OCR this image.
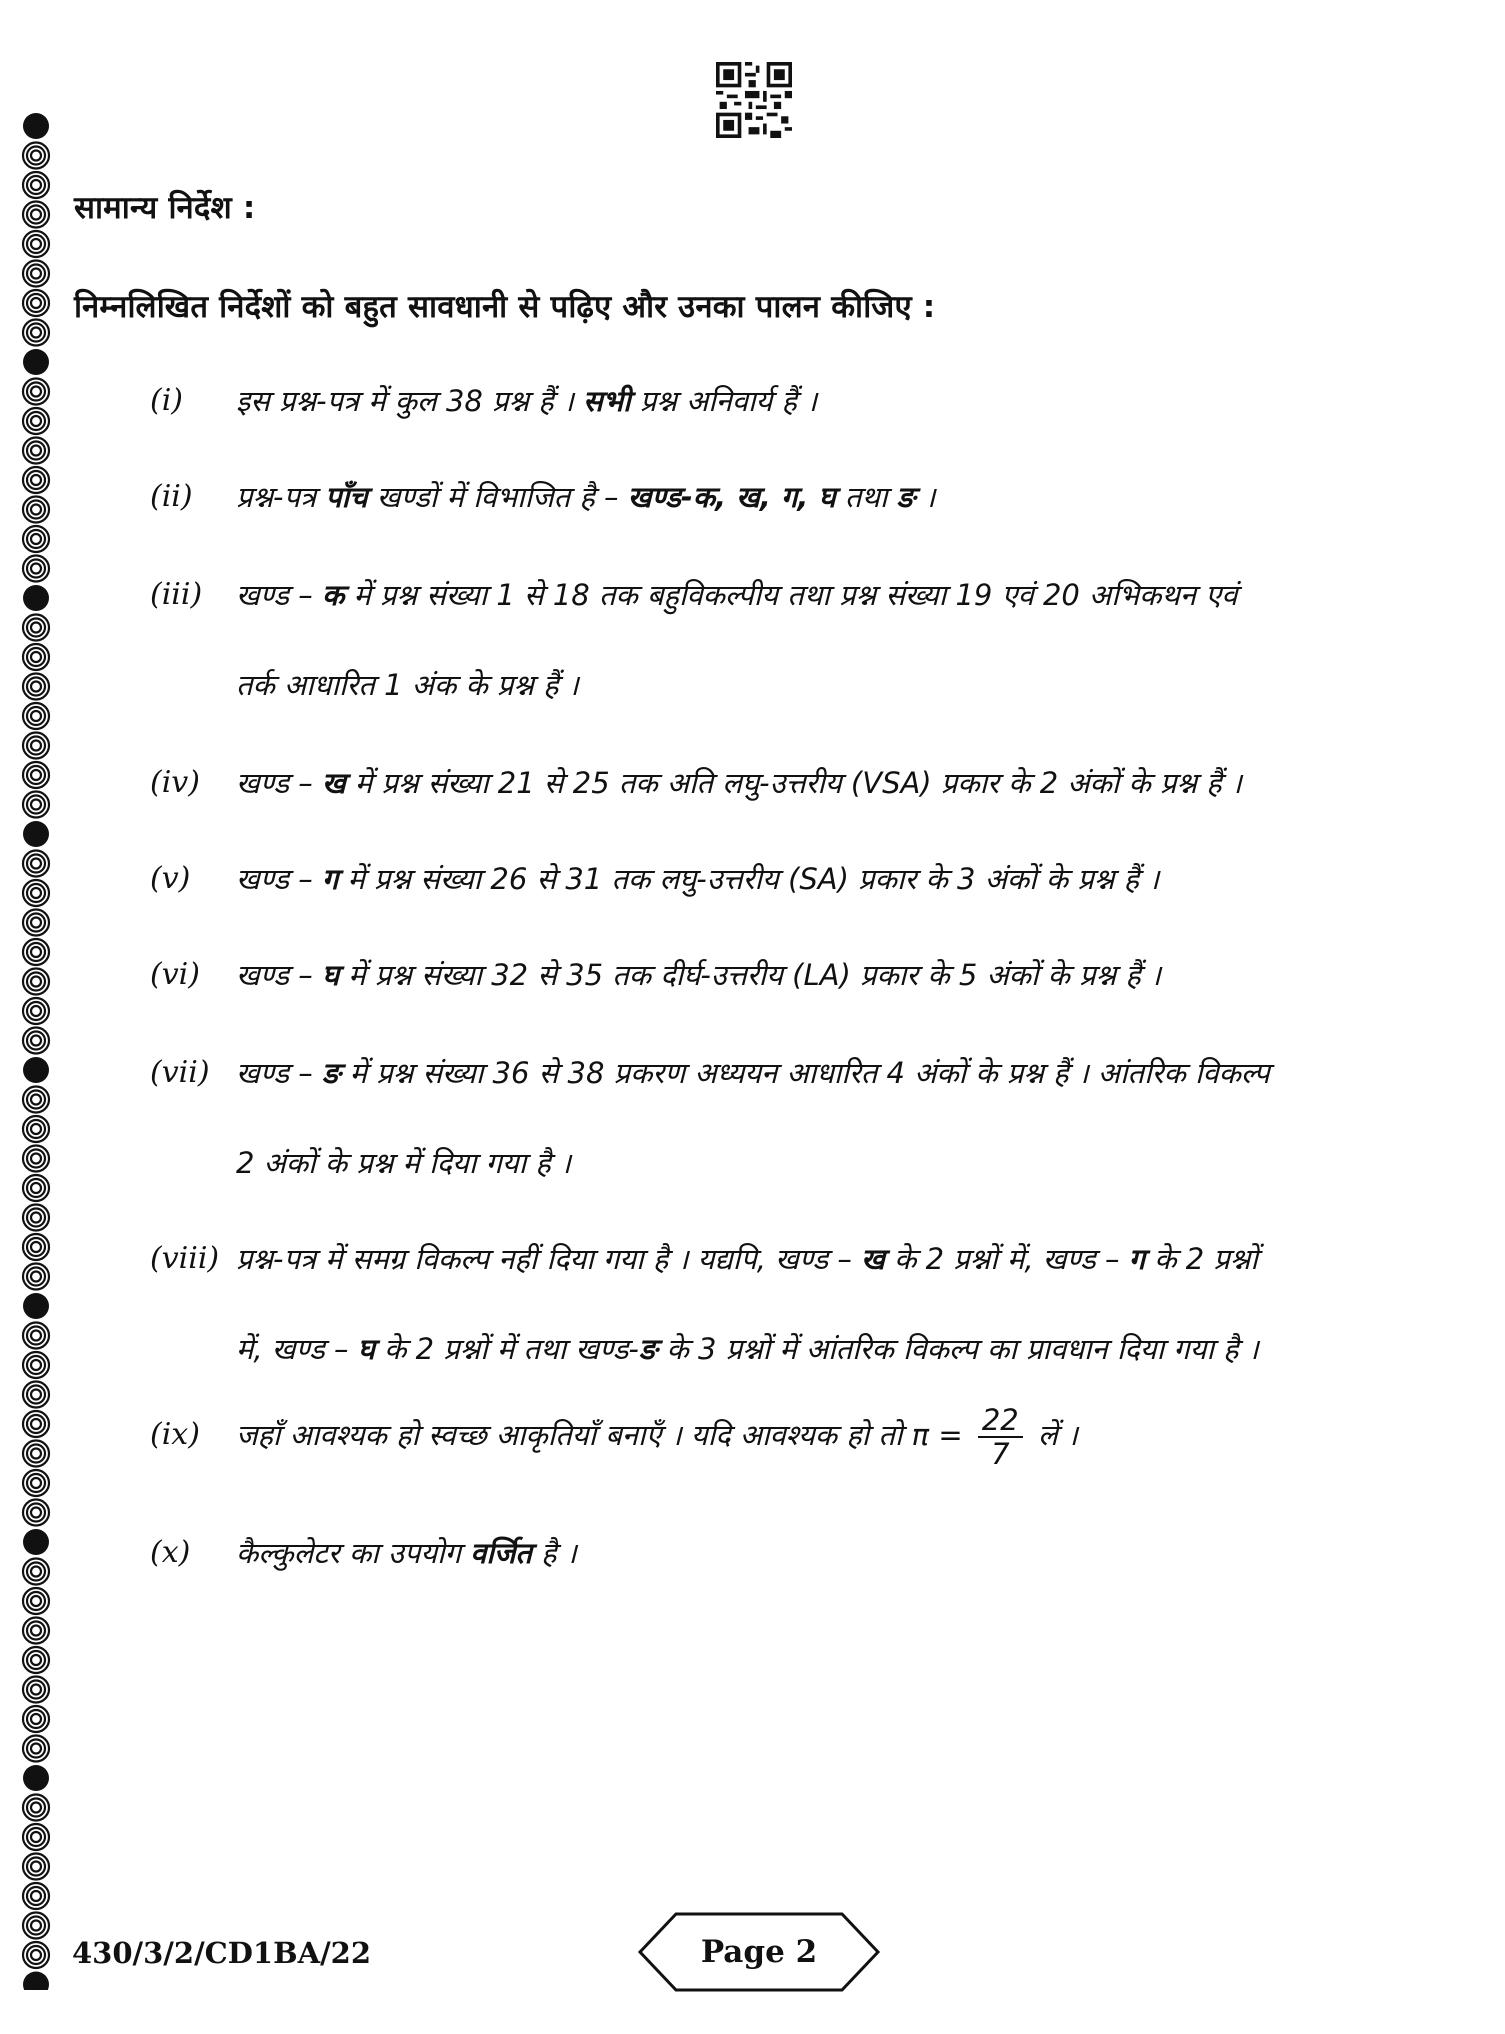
सामान्य निर्देश :
निम्नलिखित निर्देशों को बहुत सावधानी से पढ़िए और उनका पालन कीजिए :
(i) इस प्रश्न-पत्र में कुल 38 प्रश्न हैं । सभी प्रश्न अनिवार्य हैं ।
(ii) प्रश्न-पत्र पाँच खण्डों में विभाजित है – खण्ड-क, ख, ग, घ तथा ङ ।
(iii) खण्ड – क में प्रश्न संख्या 1 से 18 तक बहुविकल्पीय तथा प्रश्न संख्या 19 एवं 20 अभिकथन एवं
तर्क आधारित 1 अंक के प्रश्न हैं ।
(iv) खण्ड – ख में प्रश्न संख्या 21 से 25 तक अति लघु-उत्तरीय (VSA) प्रकार के 2 अंकों के प्रश्न हैं ।
(v) खण्ड – ग में प्रश्न संख्या 26 से 31 तक लघु-उत्तरीय (SA) प्रकार के 3 अंकों के प्रश्न हैं ।
(vi) खण्ड – घ में प्रश्न संख्या 32 से 35 तक दीर्घ-उत्तरीय (LA) प्रकार के 5 अंकों के प्रश्न हैं ।
(vii) खण्ड – ङ में प्रश्न संख्या 36 से 38 प्रकरण अध्ययन आधारित 4 अंकों के प्रश्न हैं । आंतरिक विकल्प
2 अंकों के प्रश्न में दिया गया है ।
(viii) प्रश्न-पत्र में समग्र विकल्प नहीं दिया गया है । यद्यपि, खण्ड – ख के 2 प्रश्नों में, खण्ड – ग के 2 प्रश्नों
में, खण्ड – घ के 2 प्रश्नों में तथा खण्ड-ङ के 3 प्रश्नों में आंतरिक विकल्प का प्रावधान दिया गया है ।
(ix) जहाँ आवश्यक हो स्वच्छ आकृतियाँ बनाएँ । यदि आवश्यक हो तो $\pi = \frac{22}{7}$ लें ।
(x) कैल्कुलेटर का उपयोग वर्जित है ।
430/3/2/CD1BA/22	Page 2
